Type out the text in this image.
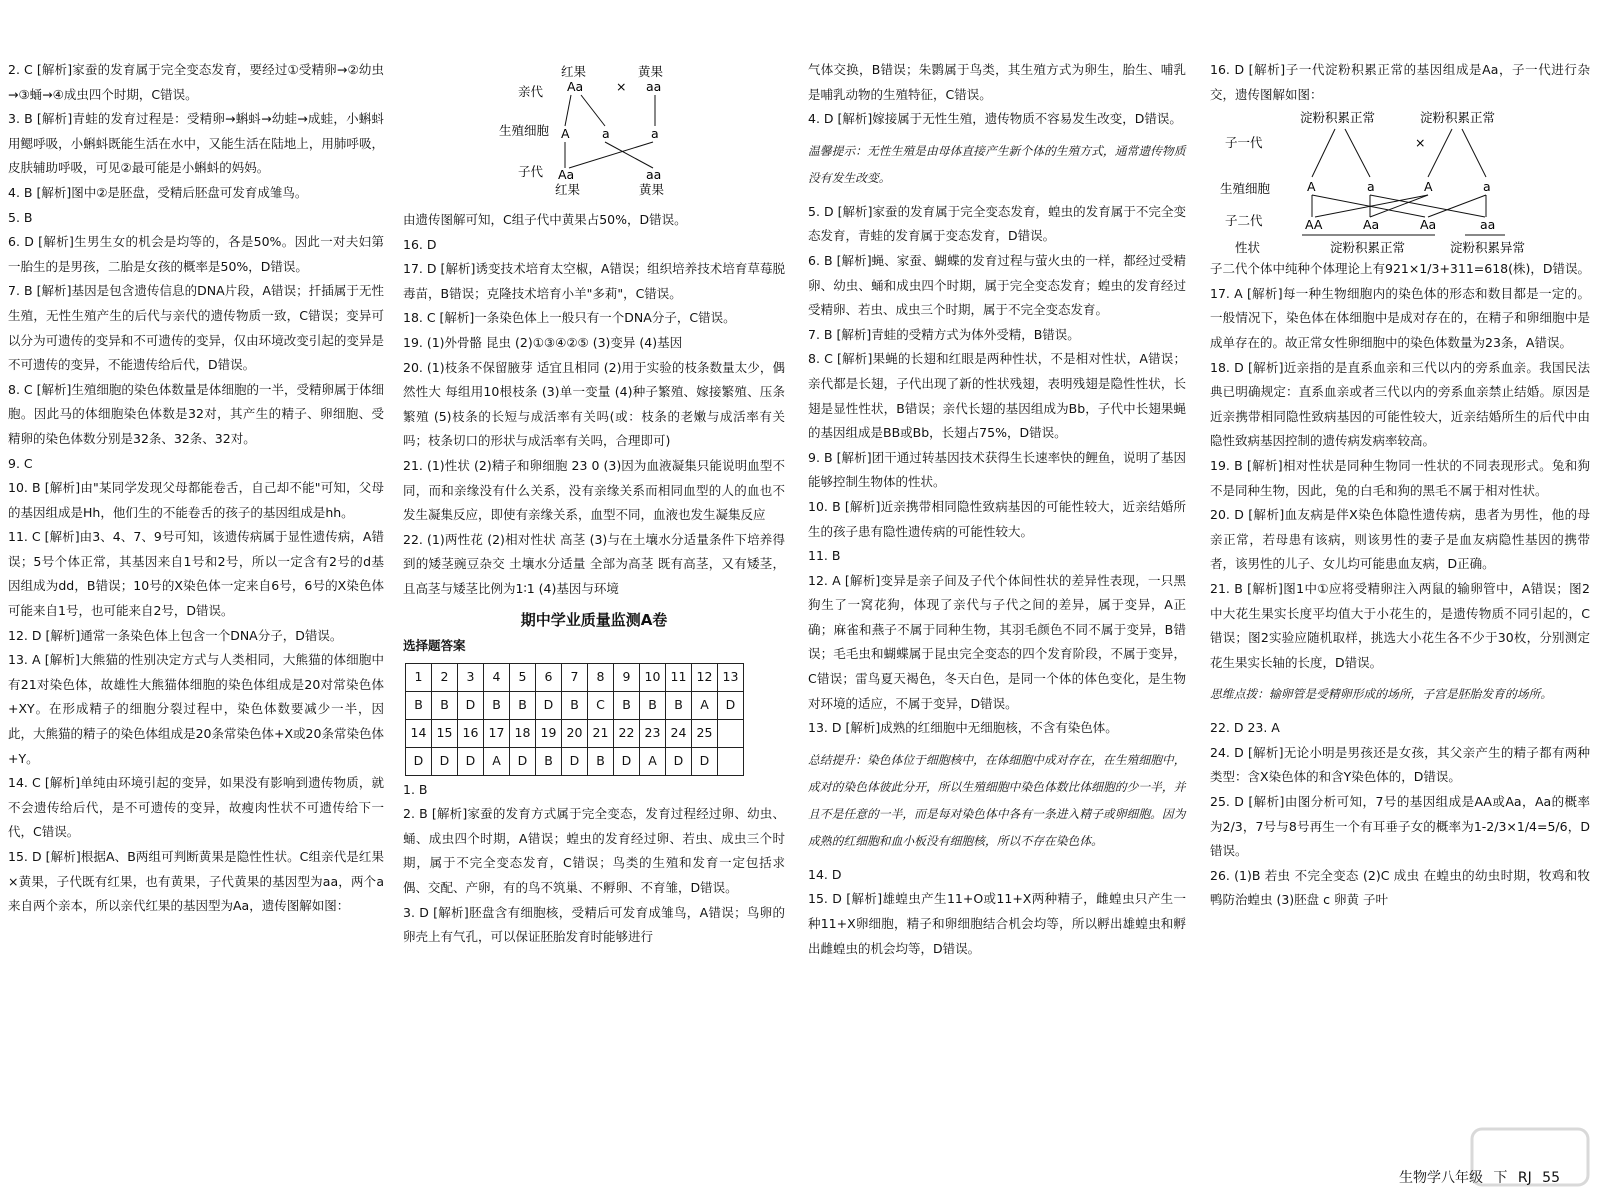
2. C [解析]家蚕的发育属于完全变态发育，要经过①受精卵→②幼虫→③蛹→④成虫四个时期，C错误。
3. B [解析]青蛙的发育过程是：受精卵→蝌蚪→幼蛙→成蛙，小蝌蚪用鳃呼吸，小蝌蚪既能生活在水中，又能生活在陆地上，用肺呼吸，皮肤辅助呼吸，可见②最可能是小蝌蚪的妈妈。
4. B [解析]图中②是胚盘，受精后胚盘可发育成雏鸟。
5. B
6. D [解析]生男生女的机会是均等的，各是50%。因此一对夫妇第一胎生的是男孩，二胎是女孩的概率是50%，D错误。
7. B [解析]基因是包含遗传信息的DNA片段，A错误；扦插属于无性生殖，无性生殖产生的后代与亲代的遗传物质一致，C错误；变异可以分为可遗传的变异和不可遗传的变异，仅由环境改变引起的变异是不可遗传的变异，不能遗传给后代，D错误。
8. C [解析]生殖细胞的染色体数量是体细胞的一半，受精卵属于体细胞。因此马的体细胞染色体数是32对，其产生的精子、卵细胞、受精卵的染色体数分别是32条、32条、32对。
9. C
10. B [解析]由"某同学发现父母都能卷舌，自己却不能"可知，父母的基因组成是Hh，他们生的不能卷舌的孩子的基因组成是hh。
11. C [解析]由3、4、7、9号可知，该遗传病属于显性遗传病，A错误；5号个体正常，其基因来自1号和2号，所以一定含有2号的d基因组成为dd，B错误；10号的X染色体一定来自6号，6号的X染色体可能来自1号，也可能来自2号，D错误。
12. D [解析]通常一条染色体上包含一个DNA分子，D错误。
13. A [解析]大熊猫的性别决定方式与人类相同，大熊猫的体细胞中有21对染色体，故雄性大熊猫体细胞的染色体组成是20对常染色体+XY。在形成精子的细胞分裂过程中，染色体数要减少一半，因此，大熊猫的精子的染色体组成是20条常染色体+X或20条常染色体+Y。
14. C [解析]单纯由环境引起的变异，如果没有影响到遗传物质，就不会遗传给后代，是不可遗传的变异，故瘦肉性状不可遗传给下一代，C错误。
15. D [解析]根据A、B两组可判断黄果是隐性性状。C组亲代是红果×黄果，子代既有红果，也有黄果，子代黄果的基因型为aa，两个a来自两个亲本，所以亲代红果的基因型为Aa，遗传图解如图：
亲代
生殖细胞
子代
红果
Aa	×
黄果
aa
A	a	a
Aa
红果
aa
黄果
由遗传图解可知，C组子代中黄果占50%，D错误。
16. D
17. D [解析]诱变技术培育太空椒，A错误；组织培养技术培育草莓脱毒苗，B错误；克隆技术培育小羊"多莉"，C错误。
18. C [解析]一条染色体上一般只有一个DNA分子，C错误。
19. (1)外骨骼 昆虫 (2)①③④②⑤ (3)变异 (4)基因
20. (1)枝条不保留腋芽 适宜且相同 (2)用于实验的枝条数量太少，偶然性大 每组用10根枝条 (3)单一变量 (4)种子繁殖、嫁接繁殖、压条繁殖 (5)枝条的长短与成活率有关吗(或：枝条的老嫩与成活率有关吗；枝条切口的形状与成活率有关吗，合理即可)
21. (1)性状 (2)精子和卵细胞 23 0 (3)因为血液凝集只能说明血型不同，而和亲缘没有什么关系，没有亲缘关系而相同血型的人的血也不发生凝集反应，即使有亲缘关系，血型不同，血液也发生凝集反应
22. (1)两性花 (2)相对性状 高茎 (3)与在土壤水分适量条件下培养得到的矮茎豌豆杂交 土壤水分适量 全部为高茎 既有高茎，又有矮茎，且高茎与矮茎比例为1∶1 (4)基因与环境
期中学业质量监测A卷
选择题答案
1	2	3	4	5	6	7	8	9	10	11	12	13
B	B	D	B	B	D	B	C	B	B	B	A	D
14	15	16	17	18	19	20	21	22	23	24	25	
D	D	D	A	D	B	D	B	D	A	D	D	
1. B
2. B [解析]家蚕的发育方式属于完全变态，发育过程经过卵、幼虫、蛹、成虫四个时期，A错误；蝗虫的发育经过卵、若虫、成虫三个时期，属于不完全变态发育，C错误；鸟类的生殖和发育一定包括求偶、交配、产卵，有的鸟不筑巢、不孵卵、不育雏，D错误。
3. D [解析]胚盘含有细胞核，受精后可发育成雏鸟，A错误；鸟卵的卵壳上有气孔，可以保证胚胎发育时能够进行
气体交换，B错误；朱鹮属于鸟类，其生殖方式为卵生，胎生、哺乳是哺乳动物的生殖特征，C错误。
4. D [解析]嫁接属于无性生殖，遗传物质不容易发生改变，D错误。
温馨提示：无性生殖是由母体直接产生新个体的生殖方式，通常遗传物质没有发生改变。
5. D [解析]家蚕的发育属于完全变态发育，蝗虫的发育属于不完全变态发育，青蛙的发育属于变态发育，D错误。
6. B [解析]蝇、家蚕、蝴蝶的发育过程与萤火虫的一样，都经过受精卵、幼虫、蛹和成虫四个时期，属于完全变态发育；蝗虫的发育经过受精卵、若虫、成虫三个时期，属于不完全变态发育。
7. B [解析]青蛙的受精方式为体外受精，B错误。
8. C [解析]果蝇的长翅和红眼是两种性状，不是相对性状，A错误；亲代都是长翅，子代出现了新的性状残翅，表明残翅是隐性性状，长翅是显性性状，B错误；亲代长翅的基因组成为Bb，子代中长翅果蝇的基因组成是BB或Bb，长翅占75%，D错误。
9. B [解析]团干通过转基因技术获得生长速率快的鲤鱼，说明了基因能够控制生物体的性状。
10. B [解析]近亲携带相同隐性致病基因的可能性较大，近亲结婚所生的孩子患有隐性遗传病的可能性较大。
11. B
12. A [解析]变异是亲子间及子代个体间性状的差异性表现，一只黑狗生了一窝花狗，体现了亲代与子代之间的差异，属于变异，A正确；麻雀和燕子不属于同种生物，其羽毛颜色不同不属于变异，B错误；毛毛虫和蝴蝶属于昆虫完全变态的四个发育阶段，不属于变异，C错误；雷鸟夏天褐色，冬天白色，是同一个体的体色变化，是生物对环境的适应，不属于变异，D错误。
13. D [解析]成熟的红细胞中无细胞核，不含有染色体。
总结提升：染色体位于细胞核中，在体细胞中成对存在，在生殖细胞中，成对的染色体彼此分开，所以生殖细胞中染色体数比体细胞的少一半，并且不是任意的一半，而是每对染色体中各有一条进入精子或卵细胞。因为成熟的红细胞和血小板没有细胞核，所以不存在染色体。
14. D
15. D [解析]雄蝗虫产生11+O或11+X两种精子，雌蝗虫只产生一种11+X卵细胞，精子和卵细胞结合机会均等，所以孵出雄蝗虫和孵出雌蝗虫的机会均等，D错误。
16. D [解析]子一代淀粉积累正常的基因组成是Aa，子一代进行杂交，遗传图解如图：
子一代
生殖细胞
子二代
性状
淀粉积累正常
×
淀粉积累正常
A	a	A	a
AA	Aa	Aa	aa
淀粉积累正常	淀粉积累异常
子二代个体中纯种个体理论上有921×1/3+311=618(株)，D错误。
17. A [解析]每一种生物细胞内的染色体的形态和数目都是一定的。一般情况下，染色体在体细胞中是成对存在的，在精子和卵细胞中是成单存在的。故正常女性卵细胞中的染色体数量为23条，A错误。
18. D [解析]近亲指的是直系血亲和三代以内的旁系血亲。我国民法典已明确规定：直系血亲或者三代以内的旁系血亲禁止结婚。原因是近亲携带相同隐性致病基因的可能性较大，近亲结婚所生的后代中由隐性致病基因控制的遗传病发病率较高。
19. B [解析]相对性状是同种生物同一性状的不同表现形式。兔和狗不是同种生物，因此，兔的白毛和狗的黑毛不属于相对性状。
20. D [解析]血友病是伴X染色体隐性遗传病，患者为男性，他的母亲正常，若母患有该病，则该男性的妻子是血友病隐性基因的携带者，该男性的儿子、女儿均可能患血友病，D正确。
21. B [解析]图1中①应将受精卵注入两鼠的输卵管中，A错误；图2中大花生果实长度平均值大于小花生的，是遗传物质不同引起的，C错误；图2实验应随机取样，挑选大小花生各不少于30枚，分别测定花生果实长轴的长度，D错误。
思维点拨：输卵管是受精卵形成的场所，子宫是胚胎发育的场所。
22. D 23. A
24. D [解析]无论小明是男孩还是女孩，其父亲产生的精子都有两种类型：含X染色体的和含Y染色体的，D错误。
25. D [解析]由图分析可知，7号的基因组成是AA或Aa，Aa的概率为2/3，7号与8号再生一个有耳垂子女的概率为1-2/3×1/4=5/6，D错误。
26. (1)B 若虫 不完全变态 (2)C 成虫 在蝗虫的幼虫时期，牧鸡和牧鸭防治蝗虫 (3)胚盘 c 卵黄 子叶
生物学八年级 下 RJ 55
